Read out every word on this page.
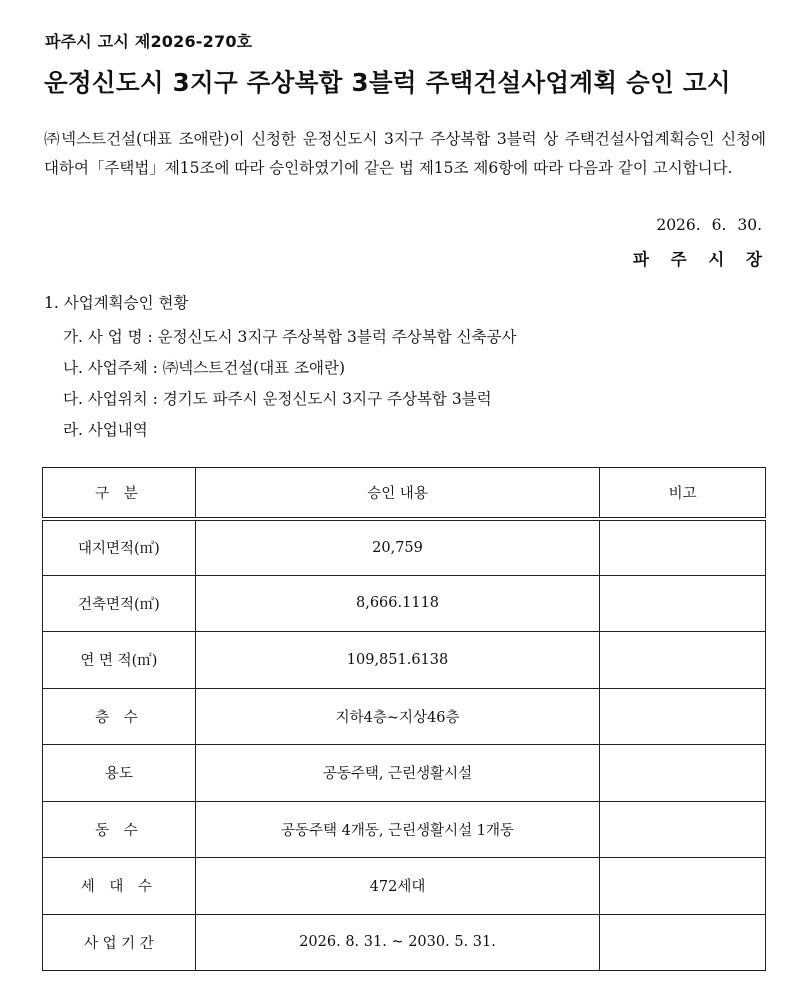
파주시 고시 제2026-270호
운정신도시 3지구 주상복합 3블럭 주택건설사업계획 승인 고시
㈜넥스트건설(대표 조애란)이 신청한 운정신도시 3지구 주상복합 3블럭 상 주택건설사업계획승인 신청에 대하여「주택법」제15조에 따라 승인하였기에 같은 법 제15조 제6항에 따라 다음과 같이 고시합니다.
2026. 6. 30.
파 주 시 장
1. 사업계획승인 현황
가. 사 업 명 : 운정신도시 3지구 주상복합 3블럭 주상복합 신축공사
나. 사업주체 : ㈜넥스트건설(대표 조애란)
다. 사업위치 : 경기도 파주시 운정신도시 3지구 주상복합 3블럭
라. 사업내역
구 분	승인 내용	비고
대지면적(㎡)	20,759	
건축면적(㎡)	8,666.1118	
연 면 적(㎡)	109,851.6138	
층 수	지하4층~지상46층	
용도	공동주택, 근린생활시설	
동 수	공동주택 4개동, 근린생활시설 1개동	
세 대 수	472세대	
사 업 기 간	2026. 8. 31. ~ 2030. 5. 31.	
